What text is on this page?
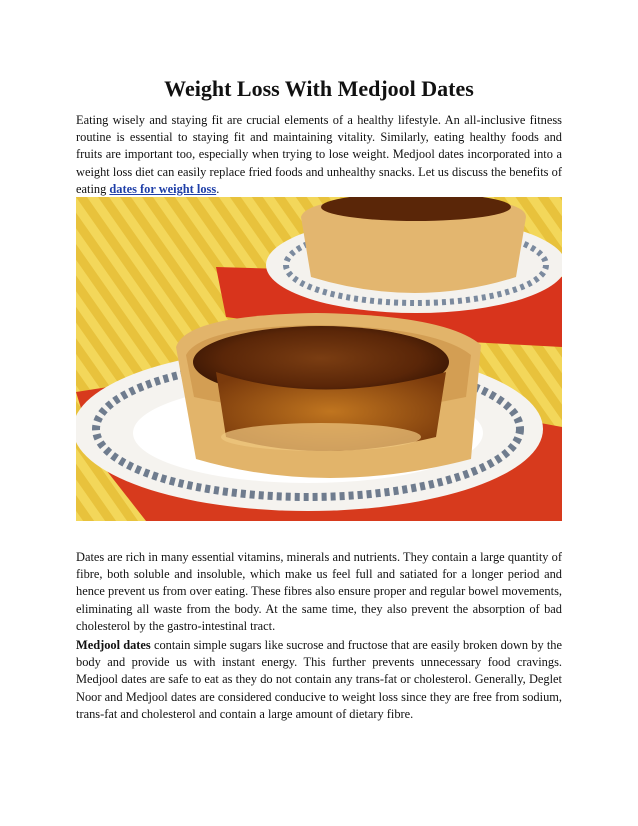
Weight Loss With Medjool Dates

Eating wisely and staying fit are crucial elements of a healthy lifestyle. An all-inclusive fitness routine is essential to staying fit and maintaining vitality. Similarly, eating healthy foods and fruits are important too, especially when trying to lose weight. Medjool dates incorporated into a weight loss diet can easily replace fried foods and unhealthy snacks. Let us discuss the benefits of eating dates for weight loss.

Dates are rich in many essential vitamins, minerals and nutrients. They contain a large quantity of fibre, both soluble and insoluble, which make us feel full and satiated for a longer period and hence prevent us from over eating. These fibres also ensure proper and regular bowel movements, eliminating all waste from the body. At the same time, they also prevent the absorption of bad cholesterol by the gastro-intestinal tract.

Medjool dates contain simple sugars like sucrose and fructose that are easily broken down by the body and provide us with instant energy. This further prevents unnecessary food cravings. Medjool dates are safe to eat as they do not contain any trans-fat or cholesterol. Generally, Deglet Noor and Medjool dates are considered conducive to weight loss since they are free from sodium, trans-fat and cholesterol and contain a large amount of dietary fibre.
